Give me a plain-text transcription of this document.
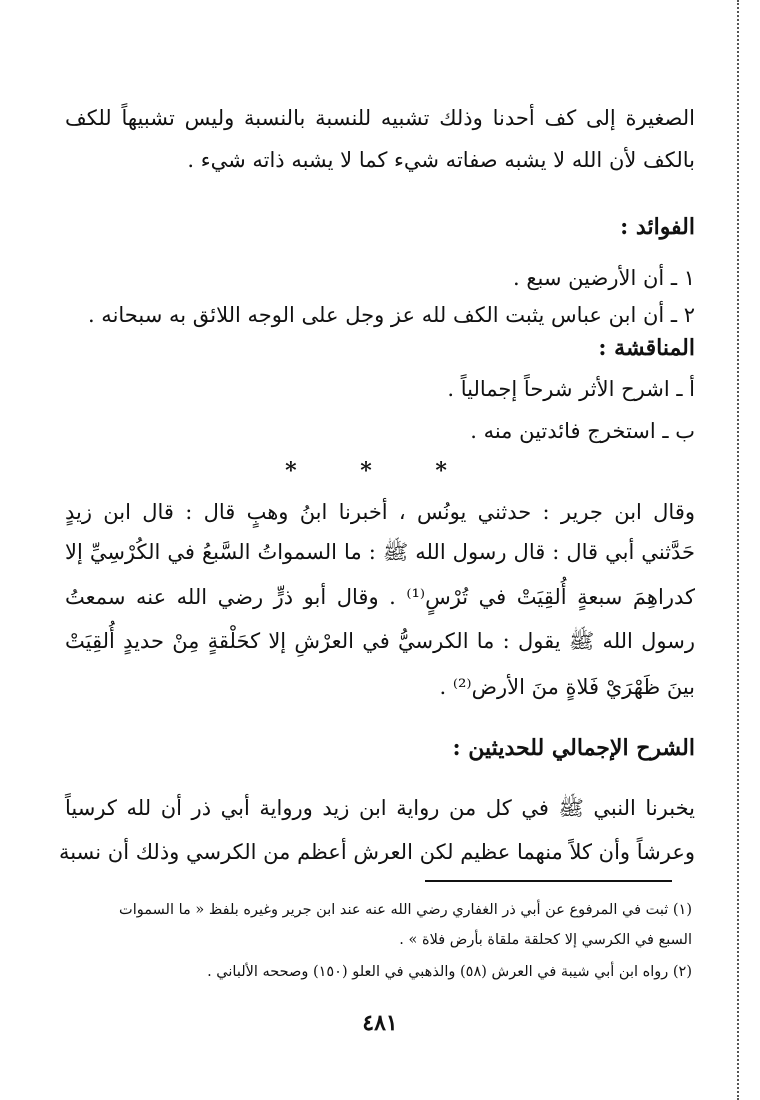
الصغيرة إلى كف أحدنا وذلك تشبيه للنسبة بالنسبة وليس تشبيهاً للكف
بالكف لأن الله لا يشبه صفاته شيء كما لا يشبه ذاته شيء .
الفوائد :
١ ـ أن الأرضين سبع .
٢ ـ أن ابن عباس يثبت الكف لله عز وجل على الوجه اللائق به سبحانه .
المناقشة :
أ ـ اشرح الأثر شرحاً إجمالياً .
ب ـ استخرج فائدتين منه .
* * *
وقال ابن جرير : حدثني يونُس ، أخبرنا ابنُ وهبٍ قال : قال ابن زيدٍ
حَدَّثني أبي قال : قال رسول الله ﷺ : ما السمواتُ السَّبعُ في الكُرْسِيِّ إلا
كدراهِمَ سبعةٍ أُلقِيَتْ في تُرْسٍ⁽¹⁾ . وقال أبو ذرٍّ رضي الله عنه سمعتُ
رسول الله ﷺ يقول : ما الكرسيُّ في العرْشِ إلا كحَلْقةٍ مِنْ حديدٍ أُلقِيَتْ
بينَ ظَهْرَيْ فَلاةٍ منَ الأرض⁽²⁾ .
الشرح الإجمالي للحديثين :
يخبرنا النبي ﷺ في كل من رواية ابن زيد ورواية أبي ذر أن لله كرسياً
وعرشاً وأن كلاً منهما عظيم لكن العرش أعظم من الكرسي وذلك أن نسبة
(١) ثبت في المرفوع عن أبي ذر الغفاري رضي الله عنه عند ابن جرير وغيره بلفظ « ما السموات
السبع في الكرسي إلا كحلقة ملقاة بأرض فلاة » .
(٢) رواه ابن أبي شيبة في العرش (٥٨) والذهبي في العلو (١٥٠) وصححه الألباني .
٤٨١
